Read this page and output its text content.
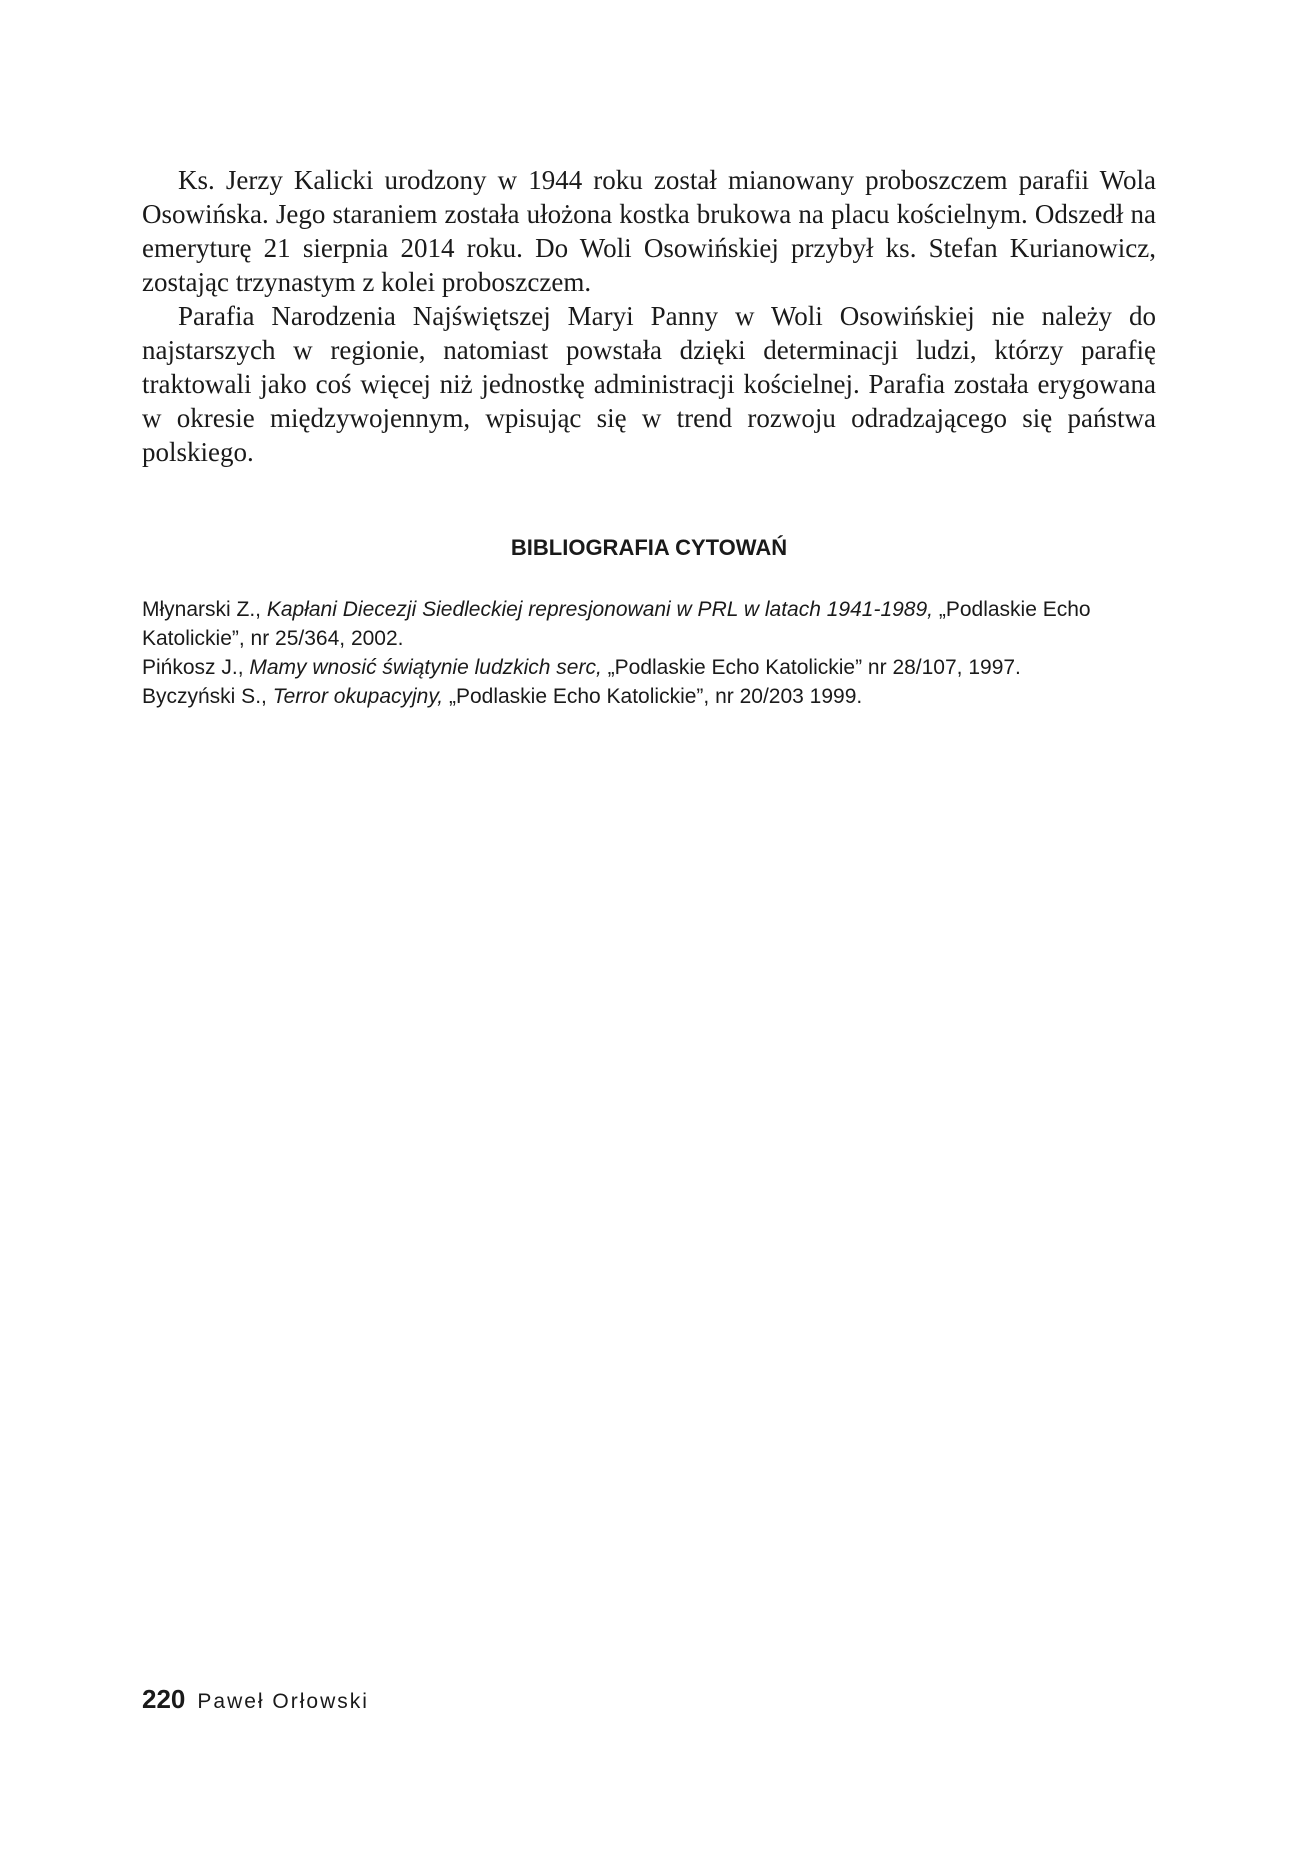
Ks. Jerzy Kalicki urodzony w 1944 roku został mianowany proboszczem parafii Wola Osowińska. Jego staraniem została ułożona kostka brukowa na placu kościelnym. Odszedł na emeryturę 21 sierpnia 2014 roku. Do Woli Osowińskiej przybył ks. Stefan Kurianowicz, zostając trzynastym z kolei proboszczem.

Parafia Narodzenia Najświętszej Maryi Panny w Woli Osowińskiej nie należy do najstarszych w regionie, natomiast powstała dzięki determinacji ludzi, którzy parafię traktowali jako coś więcej niż jednostkę administracji kościelnej. Parafia została erygowana w okresie międzywojennym, wpisując się w trend rozwoju odradzającego się państwa polskiego.

BIBLIOGRAFIA CYTOWAŃ
Młynarski Z., Kapłani Diecezji Siedleckiej represjonowani w PRL w latach 1941-1989, „Podlaskie Echo Katolickie”, nr 25/364, 2002.
Pińkosz J., Mamy wnosić świątynie ludzkich serc, „Podlaskie Echo Katolickie” nr 28/107, 1997.
Byczyński S., Terror okupacyjny, „Podlaskie Echo Katolickie”, nr 20/203 1999.
220 Paweł Orłowski
